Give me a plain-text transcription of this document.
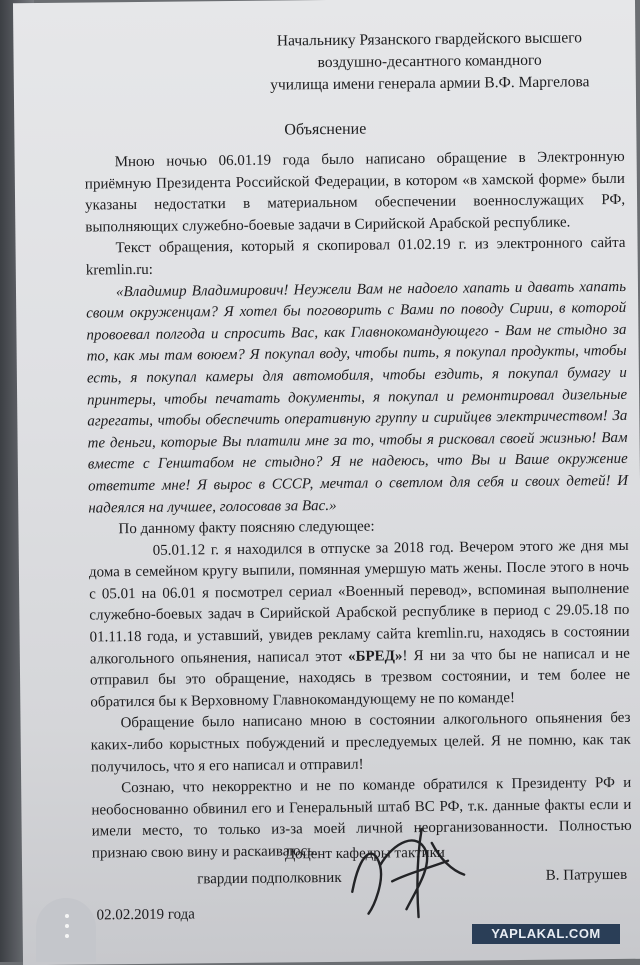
Начальнику Рязанского гвардейского высшего
воздушно-десантного командного
училища имени генерала армии В.Ф. Маргелова
Объяснение

Мною ночью 06.01.19 года было написано обращение в Электронную приёмную Президента Российской Федерации, в котором «в хамской форме» были указаны недостатки в материальном обеспечении военнослужащих РФ, выполняющих служебно-боевые задачи в Сирийской Арабской республике.

Текст обращения, который я скопировал 01.02.19 г. из электронного сайта kremlin.ru:

«Владимир Владимирович! Неужели Вам не надоело хапать и давать хапать своим окруженцам? Я хотел бы поговорить с Вами по поводу Сирии, в которой провоевал полгода и спросить Вас, как Главнокомандующего - Вам не стыдно за то, как мы там воюем? Я покупал воду, чтобы пить, я покупал продукты, чтобы есть, я покупал камеры для автомобиля, чтобы ездить, я покупал бумагу и принтеры, чтобы печатать документы, я покупал и ремонтировал дизельные агрегаты, чтобы обеспечить оперативную группу и сирийцев электричеством! За те деньги, которые Вы платили мне за то, чтобы я рисковал своей жизнью! Вам вместе с Генштабом не стыдно? Я не надеюсь, что Вы и Ваше окружение ответите мне! Я вырос в СССР, мечтал о светлом для себя и своих детей! И надеялся на лучшее, голосовав за Вас.»

По данному факту поясняю следующее:

05.01.12 г. я находился в отпуске за 2018 год. Вечером этого же дня мы дома в семейном кругу выпили, помянная умершую мать жены. После этого в ночь с 05.01 на 06.01 я посмотрел сериал «Военный перевод», вспоминая выполнение служебно-боевых задач в Сирийской Арабской республике в период с 29.05.18 по 01.11.18 года, и уставший, увидев рекламу сайта kremlin.ru, находясь в состоянии алкогольного опьянения, написал этот «БРЕД»! Я ни за что бы не написал и не отправил бы это обращение, находясь в трезвом состоянии, и тем более не обратился бы к Верховному Главнокомандующему не по команде!

Обращение было написано мною в состоянии алкогольного опьянения без каких-либо корыстных побуждений и преследуемых целей. Я не помню, как так получилось, что я его написал и отправил!

Сознаю, что некорректно и не по команде обратился к Президенту РФ и необоснованно обвинил его и Генеральный штаб ВС РФ, т.к. данные факты если и имели место, то только из-за моей личной неорганизованности. Полностью признаю свою вину и раскаиваюсь.

Доцент кафедры тактики
гвардии подполковник	В. Патрушев
02.02.2019 года
YAPLAKAL.COM
